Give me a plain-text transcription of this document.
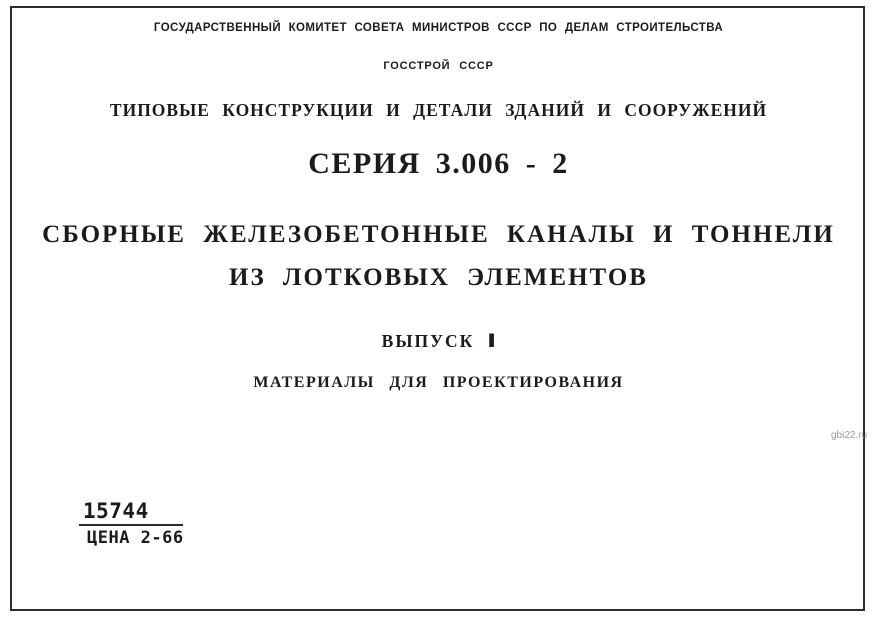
ГОСУДАРСТВЕННЫЙ КОМИТЕТ СОВЕТА МИНИСТРОВ СССР ПО ДЕЛАМ СТРОИТЕЛЬСТВА
ГОССТРОЙ СССР
ТИПОВЫЕ КОНСТРУКЦИИ И ДЕТАЛИ ЗДАНИЙ И СООРУЖЕНИЙ
СЕРИЯ 3.006 - 2
СБОРНЫЕ ЖЕЛЕЗОБЕТОННЫЕ КАНАЛЫ И ТОННЕЛИ
ИЗ ЛОТКОВЫХ ЭЛЕМЕНТОВ
ВЫПУСК I
МАТЕРИАЛЫ ДЛЯ ПРОЕКТИРОВАНИЯ
gbi22.ru
15744
ЦЕНА 2-66
